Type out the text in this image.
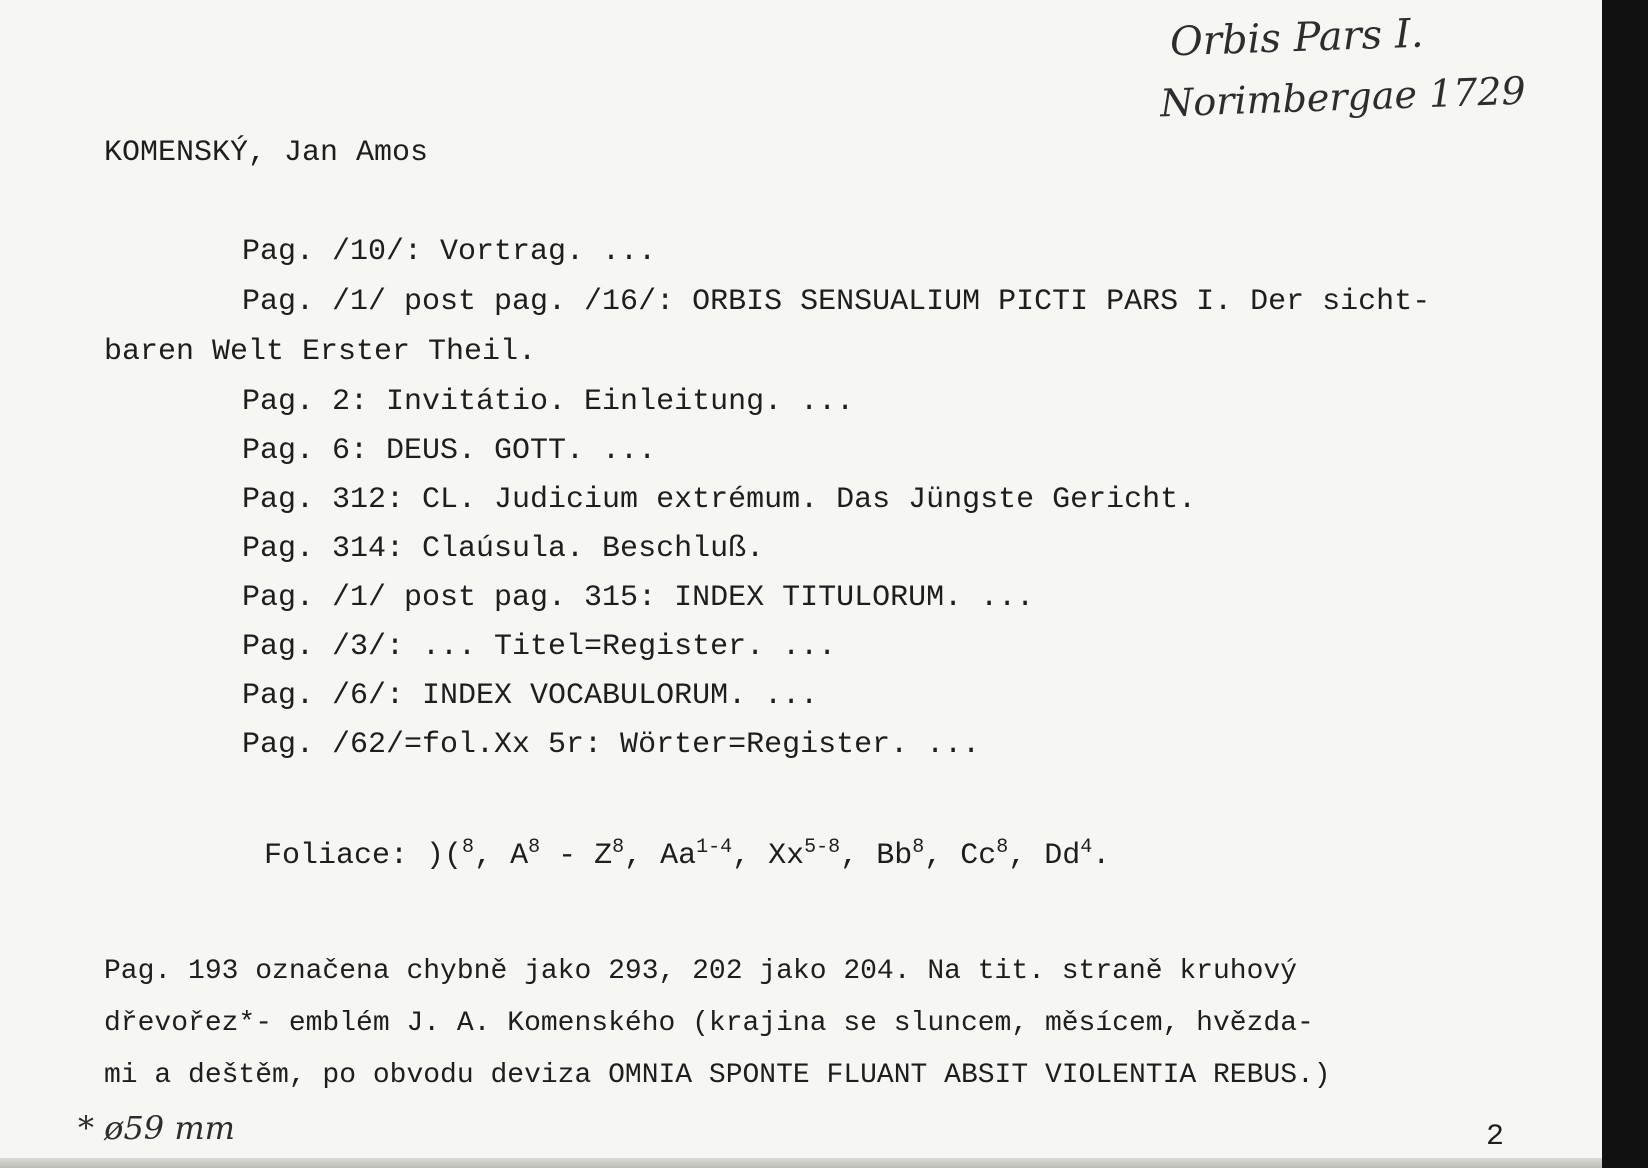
Orbis Pars I.
Norimbergae 1729
KOMENSKÝ, Jan Amos
Pag. /10/: Vortrag. ...
Pag. /1/ post pag. /16/: ORBIS SENSUALIUM PICTI PARS I. Der sicht-
baren Welt Erster Theil.
Pag. 2: Invitátio. Einleitung. ...
Pag. 6: DEUS. GOTT. ...
Pag. 312: CL. Judicium extrémum. Das Jüngste Gericht.
Pag. 314: Claúsula. Beschluß.
Pag. /1/ post pag. 315: INDEX TITULORUM. ...
Pag. /3/: ... Titel=Register. ...
Pag. /6/: INDEX VOCABULORUM. ...
Pag. /62/=fol.Xx 5r: Wörter=Register. ...
Foliace: )($^8$, $A^8 - Z^8$, Aa$^{1-4}$, Xx$^{5-8}$, Bb$^8$, Cc$^8$, Dd$^4$.
Pag. 193 označena chybně jako 293, 202 jako 204. Na tit. straně kruhový
dřevořez*- emblém J. A. Komenského (krajina se sluncem, měsícem, hvězda-
mi a deštěm, po obvodu deviza OMNIA SPONTE FLUANT ABSIT VIOLENTIA REBUS.)
* ø59 mm	2
